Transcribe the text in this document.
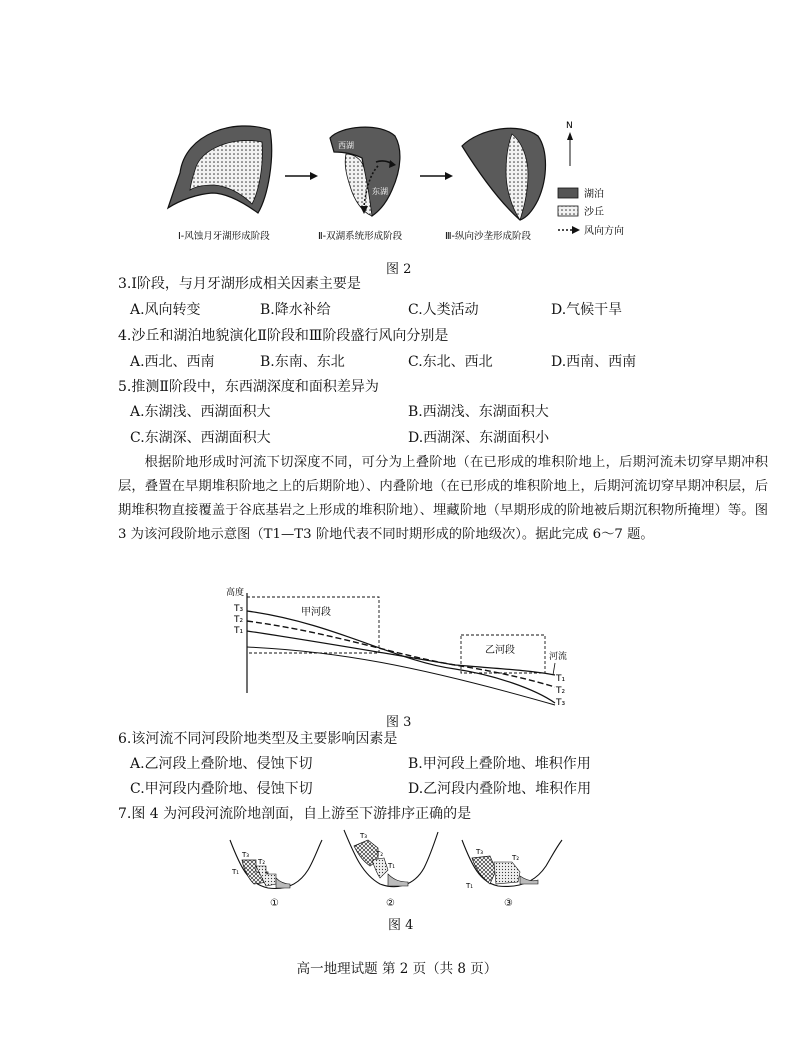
西湖
东湖
N
湖泊
沙丘
风向方向
Ⅰ-风蚀月牙湖形成阶段	Ⅱ-双湖系统形成阶段	Ⅲ-纵向沙垄形成阶段
图 2
3.Ⅰ阶段，与月牙湖形成相关因素主要是
A.风向转变	B.降水补给	C.人类活动	D.气候干旱
4.沙丘和湖泊地貌演化Ⅱ阶段和Ⅲ阶段盛行风向分别是
A.西北、西南	B.东南、东北	C.东北、西北	D.西南、西南
5.推测Ⅱ阶段中，东西湖深度和面积差异为
A.东湖浅、西湖面积大	B.西湖浅、东湖面积大
C.东湖深、西湖面积大	D.西湖深、东湖面积小
根据阶地形成时河流下切深度不同，可分为上叠阶地（在已形成的堆积阶地上，后期河流未切穿早期冲积层，叠置在早期堆积阶地之上的后期阶地）、内叠阶地（在已形成的堆积阶地上，后期河流切穿早期冲积层，后期堆积物直接覆盖于谷底基岩之上形成的堆积阶地）、埋藏阶地（早期形成的阶地被后期沉积物所掩埋）等。图 3 为该河段阶地示意图（T1—T3 阶地代表不同时期形成的阶地级次）。据此完成 6～7 题。
高度
T₃
T₂
T₁
甲河段
乙河段
河流
T₁
T₂
T₃
图 3
6.该河流不同河段阶地类型及主要影响因素是
A.乙河段上叠阶地、侵蚀下切	B.甲河段上叠阶地、堆积作用
C.甲河段内叠阶地、侵蚀下切	D.乙河段内叠阶地、堆积作用
7.图 4 为河段河流阶地剖面，自上游至下游排序正确的是
T₃
T₂
T₁
①
T₃
T₂
T₁
②
T₃
T₂
T₁
③
图 4
高一地理试题 第 2 页（共 8 页）
